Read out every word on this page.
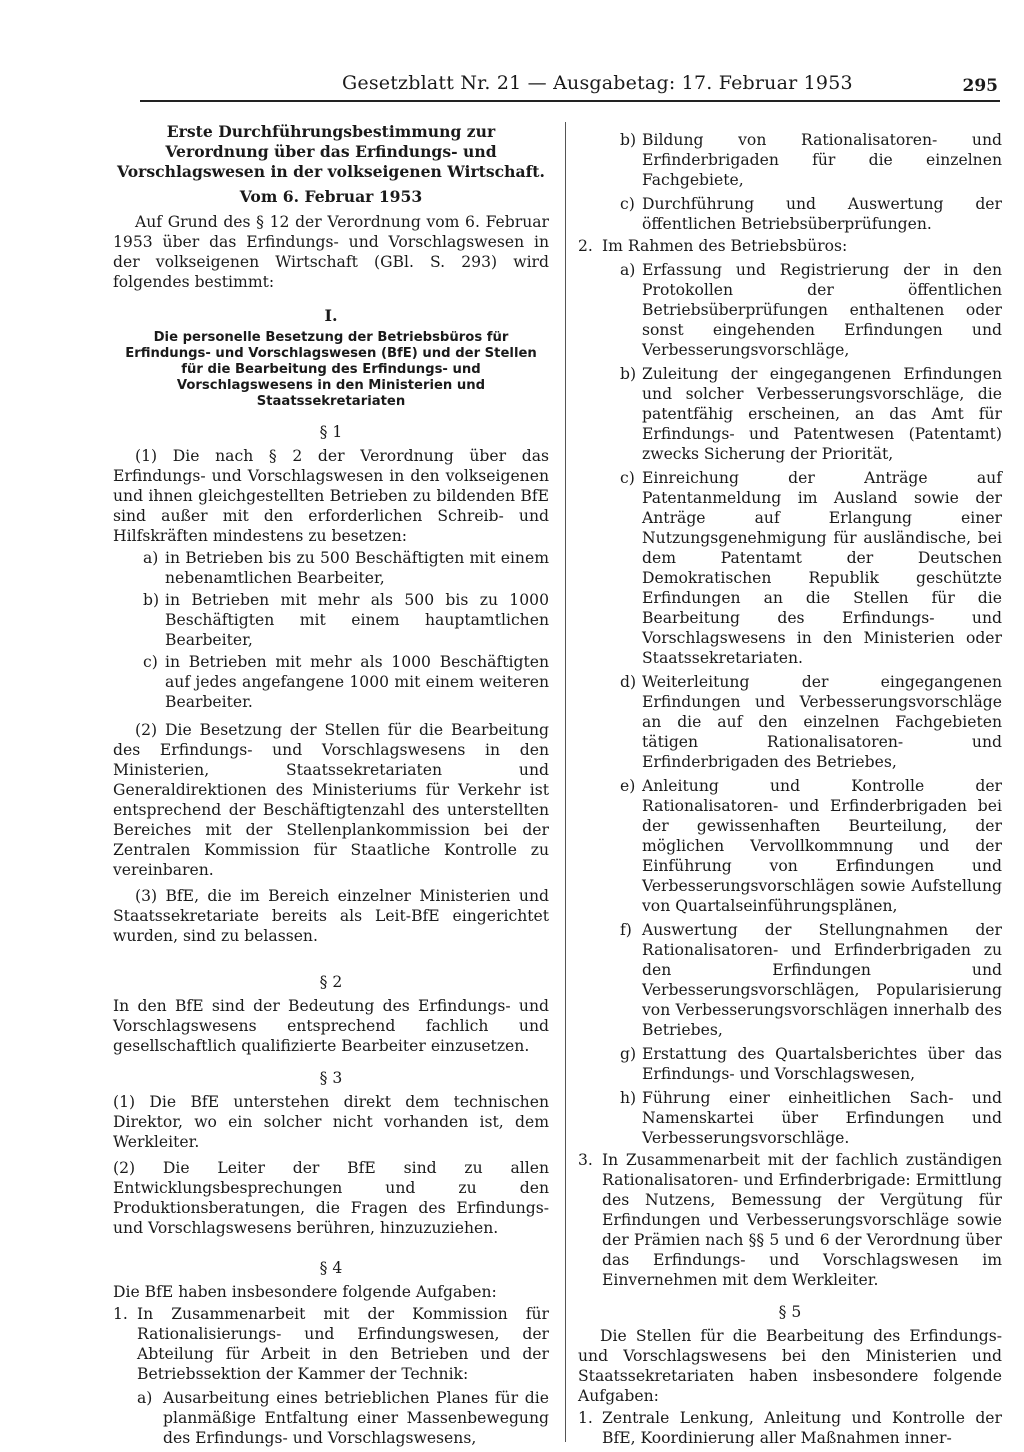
Gesetzblatt Nr. 21 — Ausgabetag: 17. Februar 1953	295
Erste Durchführungsbestimmung zur Verordnung über das Erfindungs- und Vorschlagswesen in der volkseigenen Wirtschaft.
Vom 6. Februar 1953

Auf Grund des § 12 der Verordnung vom 6. Februar 1953 über das Erfindungs- und Vorschlagswesen in der volkseigenen Wirtschaft (GBl. S. 293) wird folgendes bestimmt:

I.
Die personelle Besetzung der Betriebsbüros für Erfindungs- und Vorschlagswesen (BfE) und der Stellen für die Bearbeitung des Erfindungs- und Vorschlagswesens in den Ministerien und Staatssekretariaten
§ 1

(1) Die nach § 2 der Verordnung über das Erfindungs- und Vorschlagswesen in den volkseigenen und ihnen gleichgestellten Betrieben zu bildenden BfE sind außer mit den erforderlichen Schreib- und Hilfskräften mindestens zu besetzen:

a) in Betrieben bis zu 500 Beschäftigten mit einem nebenamtlichen Bearbeiter,
b) in Betrieben mit mehr als 500 bis zu 1000 Beschäftigten mit einem hauptamtlichen Bearbeiter,
c) in Betrieben mit mehr als 1000 Beschäftigten auf jedes angefangene 1000 mit einem weiteren Bearbeiter.

(2) Die Besetzung der Stellen für die Bearbeitung des Erfindungs- und Vorschlagswesens in den Ministerien, Staatssekretariaten und Generaldirektionen des Ministeriums für Verkehr ist entsprechend der Beschäftigtenzahl des unterstellten Bereiches mit der Stellenplankommission bei der Zentralen Kommission für Staatliche Kontrolle zu vereinbaren.

(3) BfE, die im Bereich einzelner Ministerien und Staatssekretariate bereits als Leit-BfE eingerichtet wurden, sind zu belassen.

§ 2

In den BfE sind der Bedeutung des Erfindungs- und Vorschlagswesens entsprechend fachlich und gesellschaftlich qualifizierte Bearbeiter einzusetzen.

§ 3

(1) Die BfE unterstehen direkt dem technischen Direktor, wo ein solcher nicht vorhanden ist, dem Werkleiter.

(2) Die Leiter der BfE sind zu allen Entwicklungsbesprechungen und zu den Produktionsberatungen, die Fragen des Erfindungs- und Vorschlagswesens berühren, hinzuzuziehen.

§ 4

Die BfE haben insbesondere folgende Aufgaben:

1. In Zusammenarbeit mit der Kommission für Rationalisierungs- und Erfindungswesen, der Abteilung für Arbeit in den Betrieben und der Betriebssektion der Kammer der Technik:
a) Ausarbeitung eines betrieblichen Planes für die planmäßige Entfaltung einer Massenbewegung des Erfindungs- und Vorschlagswesens,
b) Bildung von Rationalisatoren- und Erfinderbrigaden für die einzelnen Fachgebiete,
c) Durchführung und Auswertung der öffentlichen Betriebsüberprüfungen.
2. Im Rahmen des Betriebsbüros:
a) Erfassung und Registrierung der in den Protokollen der öffentlichen Betriebsüberprüfungen enthaltenen oder sonst eingehenden Erfindungen und Verbesserungsvorschläge,
b) Zuleitung der eingegangenen Erfindungen und solcher Verbesserungsvorschläge, die patentfähig erscheinen, an das Amt für Erfindungs- und Patentwesen (Patentamt) zwecks Sicherung der Priorität,
c) Einreichung der Anträge auf Patentanmeldung im Ausland sowie der Anträge auf Erlangung einer Nutzungsgenehmigung für ausländische, bei dem Patentamt der Deutschen Demokratischen Republik geschützte Erfindungen an die Stellen für die Bearbeitung des Erfindungs- und Vorschlagswesens in den Ministerien oder Staatssekretariaten.
d) Weiterleitung der eingegangenen Erfindungen und Verbesserungsvorschläge an die auf den einzelnen Fachgebieten tätigen Rationalisatoren- und Erfinderbrigaden des Betriebes,
e) Anleitung und Kontrolle der Rationalisatoren- und Erfinderbrigaden bei der gewissenhaften Beurteilung, der möglichen Vervollkommnung und der Einführung von Erfindungen und Verbesserungsvorschlägen sowie Aufstellung von Quartalseinführungsplänen,
f) Auswertung der Stellungnahmen der Rationalisatoren- und Erfinderbrigaden zu den Erfindungen und Verbesserungsvorschlägen, Popularisierung von Verbesserungsvorschlägen innerhalb des Betriebes,
g) Erstattung des Quartalsberichtes über das Erfindungs- und Vorschlagswesen,
h) Führung einer einheitlichen Sach- und Namenskartei über Erfindungen und Verbesserungsvorschläge.
3. In Zusammenarbeit mit der fachlich zuständigen Rationalisatoren- und Erfinderbrigade: Ermittlung des Nutzens, Bemessung der Vergütung für Erfindungen und Verbesserungsvorschläge sowie der Prämien nach §§ 5 und 6 der Verordnung über das Erfindungs- und Vorschlagswesen im Einvernehmen mit dem Werkleiter.
§ 5

Die Stellen für die Bearbeitung des Erfindungs- und Vorschlagswesens bei den Ministerien und Staatssekretariaten haben insbesondere folgende Aufgaben:

1. Zentrale Lenkung, Anleitung und Kontrolle der BfE, Koordinierung aller Maßnahmen inner-
